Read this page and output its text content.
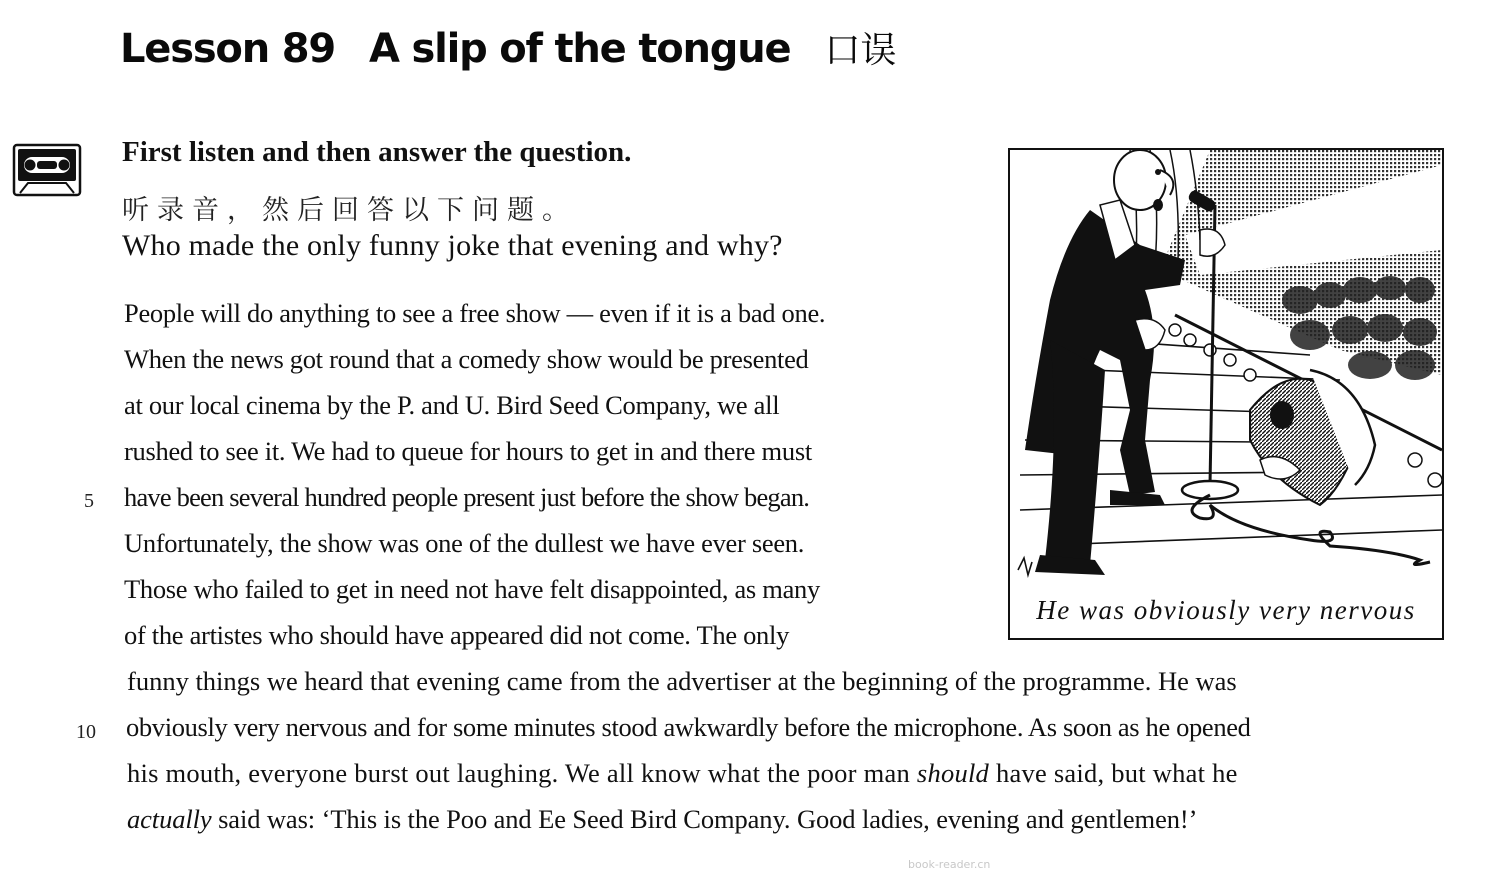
Lesson 89 A slip of the tongue 口误
First listen and then answer the question.
听录音，然后回答以下问题。
Who made the only funny joke that evening and why?
People will do anything to see a free show — even if it is a bad one.
When the news got round that a comedy show would be presented
at our local cinema by the P. and U. Bird Seed Company, we all
rushed to see it. We had to queue for hours to get in and there must
5 have been several hundred people present just before the show began.
Unfortunately, the show was one of the dullest we have ever seen.
Those who failed to get in need not have felt disappointed, as many
of the artistes who should have appeared did not come. The only
funny things we heard that evening came from the advertiser at the beginning of the programme. He was
10 obviously very nervous and for some minutes stood awkwardly before the microphone. As soon as he opened
his mouth, everyone burst out laughing. We all know what the poor man should have said, but what he
actually said was: ‘This is the Poo and Ee Seed Bird Company. Good ladies, evening and gentlemen!’
He was obviously very nervous
book-reader.cn
